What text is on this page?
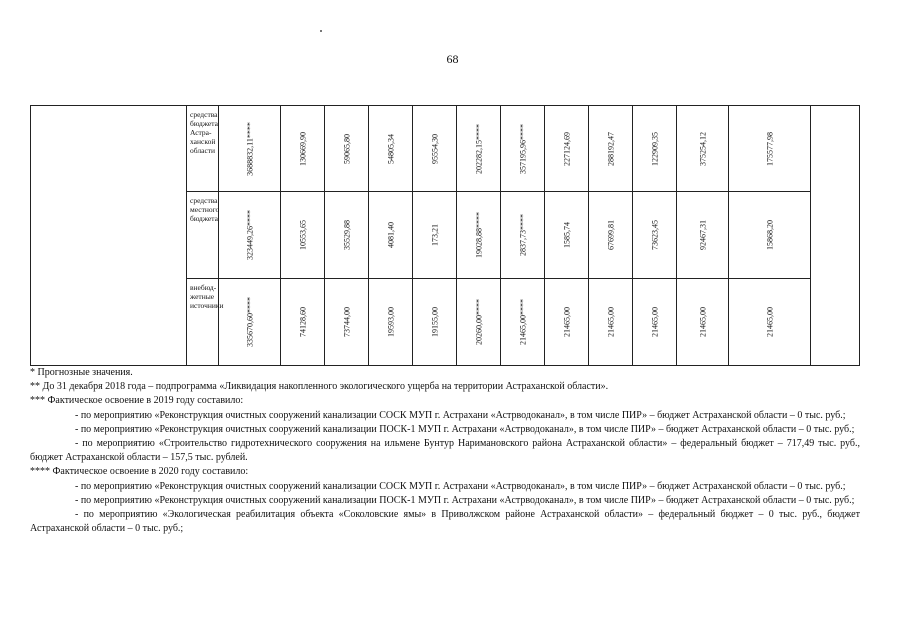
68
	средства бюджета Астра-ханской области	3688832,11****	130669,90	59065,80	54805,34	95554,30	202282,15****	357195,96****	227124,69	288192,47	122909,35	375254,12	175577,98	

	средства местного бюджета	323449,26****	10553,65	35529,88	4081,40	173,21	19028,88****	2837,73****	1585,74	67699,81	73623,45	92467,31	15868,20	

	внебюд-жетные источники	335670,60****	74128,60	73744,00	19593,00	19155,00	20260,00****	21465,00****	21465,00	21465,00	21465,00	21465,00	21465,00	

* Прогнозные значения.

** До 31 декабря 2018 года – подпрограмма «Ликвидация накопленного экологического ущерба на территории Астраханской области».

*** Фактическое освоение в 2019 году составило:

- по мероприятию «Реконструкция очистных сооружений канализации СОСК МУП г. Астрахани «Астрводоканал», в том числе ПИР» – бюджет Астраханской области – 0 тыс. руб.;

- по мероприятию «Реконструкция очистных сооружений канализации ПОСК-1 МУП г. Астрахани «Астрводоканал», в том числе ПИР» – бюджет Астраханской области – 0 тыс. руб.;

- по мероприятию «Строительство гидротехнического сооружения на ильмене Бунтур Наримановского района Астраханской области» – федеральный бюджет – 717,49 тыс. руб., бюджет Астраханской области – 157,5 тыс. рублей.

**** Фактическое освоение в 2020 году составило:

- по мероприятию «Реконструкция очистных сооружений канализации СОСК МУП г. Астрахани «Астрводоканал», в том числе ПИР» – бюджет Астраханской области – 0 тыс. руб.;

- по мероприятию «Реконструкция очистных сооружений канализации ПОСК-1 МУП г. Астрахани «Астрводоканал», в том числе ПИР» – бюджет Астраханской области – 0 тыс. руб.;

- по мероприятию «Экологическая реабилитация объекта «Соколовские ямы» в Приволжском районе Астраханской области» – федеральный бюджет – 0 тыс. руб., бюджет Астраханской области – 0 тыс. руб.;
